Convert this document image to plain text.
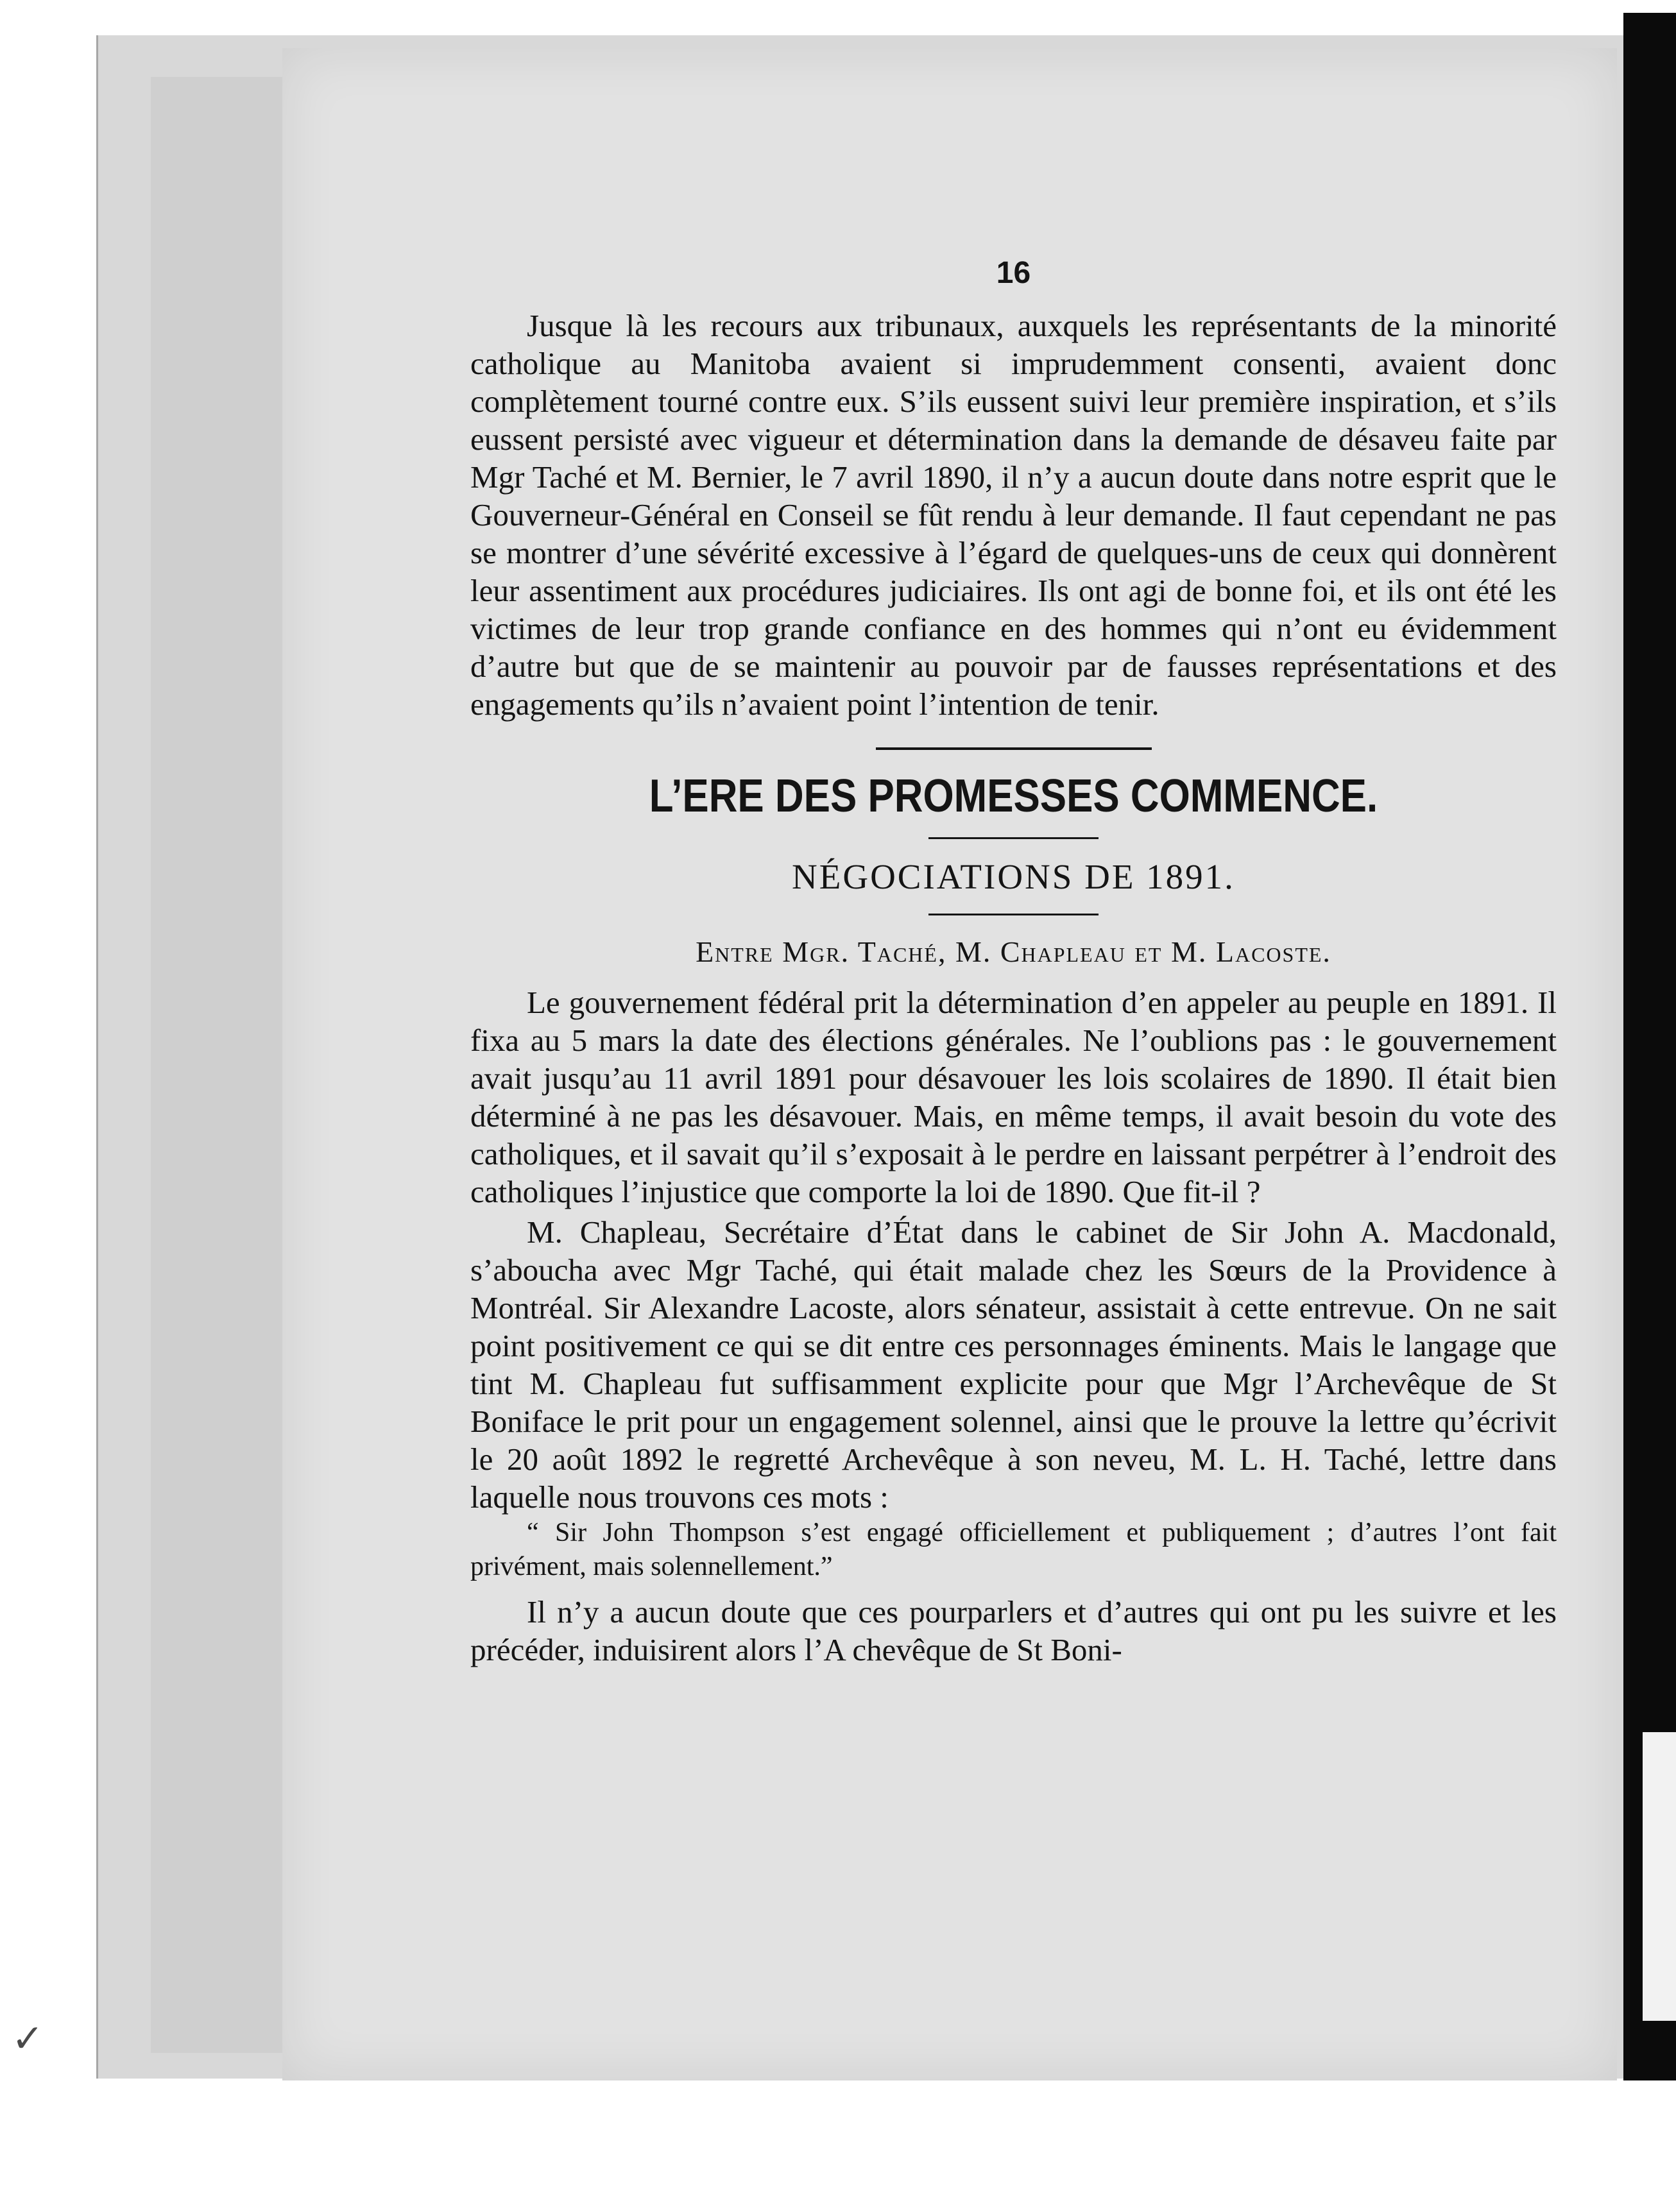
✓
16

Jusque là les recours aux tribunaux, auxquels les représentants de la minorité catholique au Manitoba avaient si imprudemment consenti, avaient donc complètement tourné contre eux. S’ils eussent suivi leur première inspiration, et s’ils eussent persisté avec vigueur et détermination dans la demande de désaveu faite par Mgr Taché et M. Bernier, le 7 avril 1890, il n’y a aucun doute dans notre esprit que le Gouverneur-Général en Conseil se fût rendu à leur demande. Il faut cependant ne pas se montrer d’une sévérité excessive à l’égard de quelques-uns de ceux qui donnèrent leur assentiment aux procédures judiciaires. Ils ont agi de bonne foi, et ils ont été les victimes de leur trop grande confiance en des hommes qui n’ont eu évidemment d’autre but que de se maintenir au pouvoir par de fausses représentations et des engagements qu’ils n’avaient point l’intention de tenir.

L’ERE DES PROMESSES COMMENCE.
NÉGOCIATIONS DE 1891.
Entre Mgr. Taché, M. Chapleau et M. Lacoste.

Le gouvernement fédéral prit la détermination d’en appeler au peuple en 1891. Il fixa au 5 mars la date des élections générales. Ne l’oublions pas : le gouvernement avait jusqu’au 11 avril 1891 pour désavouer les lois scolaires de 1890. Il était bien déterminé à ne pas les désavouer. Mais, en même temps, il avait besoin du vote des catholiques, et il savait qu’il s’exposait à le perdre en laissant perpétrer à l’endroit des catholiques l’injustice que comporte la loi de 1890. Que fit-il ?

M. Chapleau, Secrétaire d’État dans le cabinet de Sir John A. Macdonald, s’aboucha avec Mgr Taché, qui était malade chez les Sœurs de la Providence à Montréal. Sir Alexandre Lacoste, alors sénateur, assistait à cette entrevue. On ne sait point positivement ce qui se dit entre ces personnages éminents. Mais le langage que tint M. Chapleau fut suffisamment explicite pour que Mgr l’Archevêque de St Boniface le prit pour un engagement solennel, ainsi que le prouve la lettre qu’écrivit le 20 août 1892 le regretté Archevêque à son neveu, M. L. H. Taché, lettre dans laquelle nous trouvons ces mots :

“ Sir John Thompson s’est engagé officiellement et publiquement ; d’autres l’ont fait privément, mais solennellement.”

Il n’y a aucun doute que ces pourparlers et d’autres qui ont pu les suivre et les précéder, induisirent alors l’A chevêque de St Boni-
